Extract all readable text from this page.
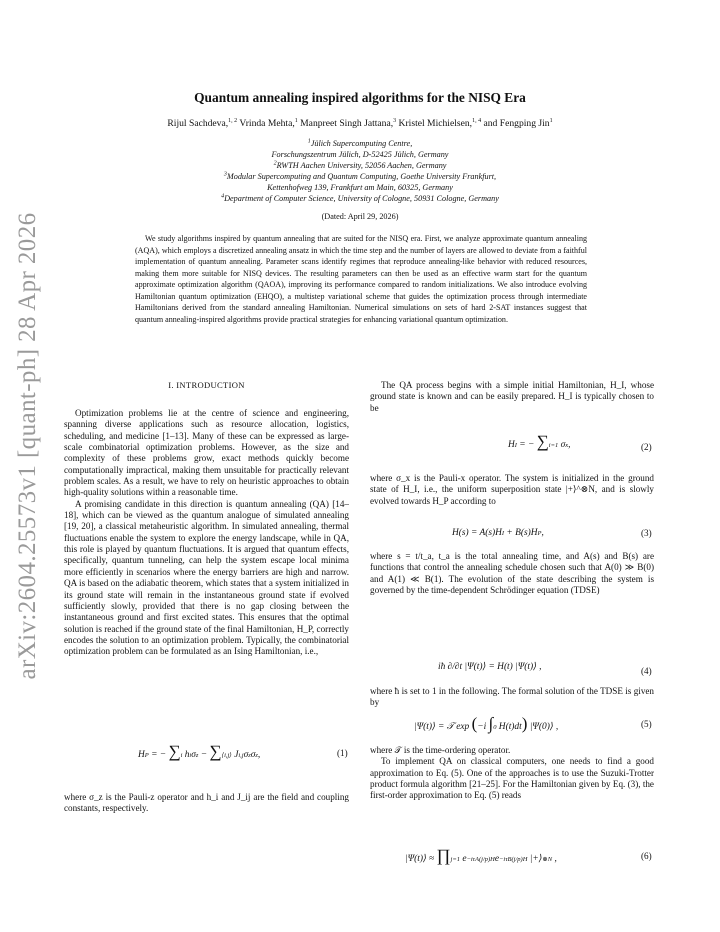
arXiv:2604.25573v1 [quant-ph] 28 Apr 2026
Quantum annealing inspired algorithms for the NISQ Era
Rijul Sachdeva,$^{1, 2}$ Vrinda Mehta,$^1$ Manpreet Singh Jattana,$^3$ Kristel Michielsen,$^{1, 4}$ and Fengping Jin$^1$
$^1$Jülich Supercomputing Centre,
Forschungszentrum Jülich, D-52425 Jülich, Germany
$^2$RWTH Aachen University, 52056 Aachen, Germany
$^3$Modular Supercomputing and Quantum Computing, Goethe University Frankfurt,
Kettenhofweg 139, Frankfurt am Main, 60325, Germany
$^4$Department of Computer Science, University of Cologne, 50931 Cologne, Germany
(Dated: April 29, 2026)
We study algorithms inspired by quantum annealing that are suited for the NISQ era. First, we analyze approximate quantum annealing (AQA), which employs a discretized annealing ansatz in which the time step and the number of layers are allowed to deviate from a faithful implementation of quantum annealing. Parameter scans identify regimes that reproduce annealing-like behavior with reduced resources, making them more suitable for NISQ devices. The resulting parameters can then be used as an effective warm start for the quantum approximate optimization algorithm (QAOA), improving its performance compared to random initializations. We also introduce evolving Hamiltonian quantum optimization (EHQO), a multistep variational scheme that guides the optimization process through intermediate Hamiltonians derived from the standard annealing Hamiltonian. Numerical simulations on sets of hard 2-SAT instances suggest that quantum annealing-inspired algorithms provide practical strategies for enhancing variational quantum optimization.
I. INTRODUCTION

Optimization problems lie at the centre of science and engineering, spanning diverse applications such as resource allocation, logistics, scheduling, and medicine [1–13]. Many of these can be expressed as large-scale combinatorial optimization problems. However, as the size and complexity of these problems grow, exact methods quickly become computationally impractical, making them unsuitable for practically relevant problem scales. As a result, we have to rely on heuristic approaches to obtain high-quality solutions within a reasonable time.

A promising candidate in this direction is quantum annealing (QA) [14–18], which can be viewed as the quantum analogue of simulated annealing [19, 20], a classical metaheuristic algorithm. In simulated annealing, thermal fluctuations enable the system to explore the energy landscape, while in QA, this role is played by quantum fluctuations. It is argued that quantum effects, specifically, quantum tunneling, can help the system escape local minima more efficiently in scenarios where the energy barriers are high and narrow. QA is based on the adiabatic theorem, which states that a system initialized in its ground state will remain in the instantaneous ground state if evolved sufficiently slowly, provided that there is no gap closing between the instantaneous ground and first excited states. This ensures that the optimal solution is reached if the ground state of the final Hamiltonian, H_P, correctly encodes the solution to an optimization problem. Typically, the combinatorial optimization problem can be formulated as an Ising Hamiltonian, i.e.,

HP = − ∑i hiσz − ∑⟨i,j⟩ Ji,jσzσz,	(1)

where σ_z is the Pauli-z operator and h_i and J_ij are the field and coupling constants, respectively.

The QA process begins with a simple initial Hamiltonian, H_I, whose ground state is known and can be easily prepared. H_I is typically chosen to be

HI = − ∑i=1 σx,	(2)

where σ_x is the Pauli-x operator. The system is initialized in the ground state of H_I, i.e., the uniform superposition state |+⟩^⊗N, and is slowly evolved towards H_P according to

H(s) = A(s)HI + B(s)HP,	(3)

where s = t/t_a, t_a is the total annealing time, and A(s) and B(s) are functions that control the annealing schedule chosen such that A(0) ≫ B(0) and A(1) ≪ B(1). The evolution of the state describing the system is governed by the time-dependent Schrödinger equation (TDSE)

iħ ∂/∂t |Ψ(t)⟩ = H(t) |Ψ(t)⟩ ,	(4)

where ħ is set to 1 in the following. The formal solution of the TDSE is given by

|Ψ(t)⟩ = 𝒯 exp (−i ∫0 H(t)dt) |Ψ(0)⟩ ,	(5)

where 𝒯 is the time-ordering operator.

To implement QA on classical computers, one needs to find a good approximation to Eq. (5). One of the approaches is to use the Suzuki-Trotter product formula algorithm [21–25]. For the Hamiltonian given by Eq. (3), the first-order approximation to Eq. (5) reads

|Ψ(t)⟩ ≈ ∏j=1 e−iτA(j/p)He−iτB(j/p)H |+⟩⊗N ,	(6)
